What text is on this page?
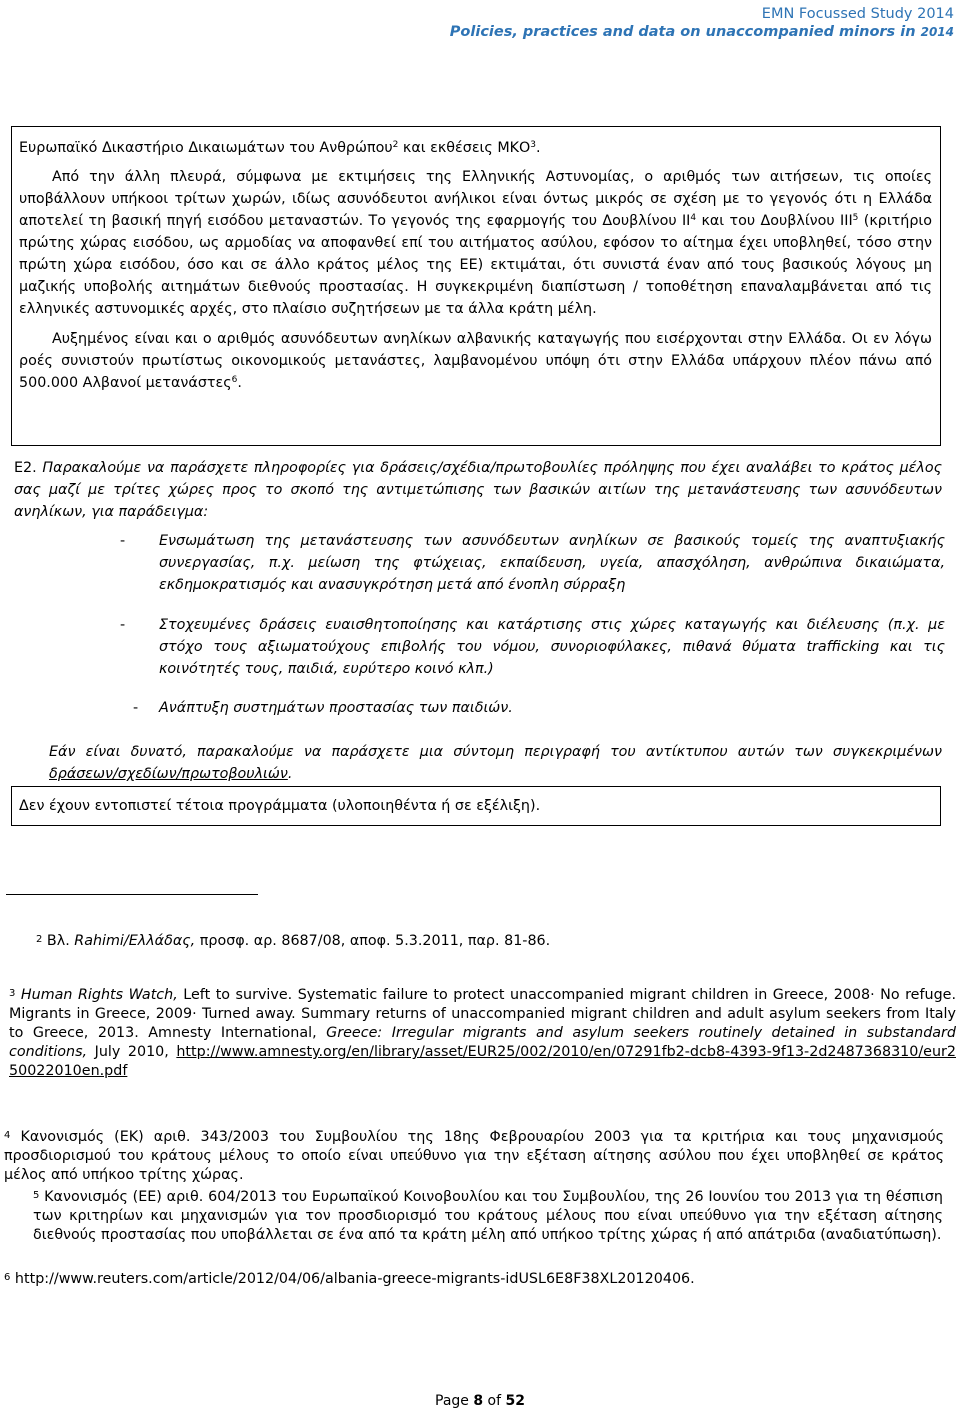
EMN Focussed Study 2014
Policies, practices and data on unaccompanied minors in 2014

Ευρωπαϊκό Δικαστήριο Δικαιωμάτων του Ανθρώπου$^2$ και εκθέσεις ΜΚΟ$^3$.

Από την άλλη πλευρά, σύμφωνα με εκτιμήσεις της Ελληνικής Αστυνομίας, ο αριθμός των αιτήσεων, τις οποίες υποβάλλουν υπήκοοι τρίτων χωρών, ιδίως ασυνόδευτοι ανήλικοι είναι όντως μικρός σε σχέση με το γεγονός ότι η Ελλάδα αποτελεί τη βασική πηγή εισόδου μεταναστών. Το γεγονός της εφαρμογής του Δουβλίνου $II^4$ και του Δουβλίνου ΙΙΙ$^5$ (κριτήριο πρώτης χώρας εισόδου, ως αρμοδίας να αποφανθεί επί του αιτήματος ασύλου, εφόσον το αίτημα έχει υποβληθεί, τόσο στην πρώτη χώρα εισόδου, όσο και σε άλλο κράτος μέλος της ΕΕ) εκτιμάται, ότι συνιστά έναν από τους βασικούς λόγους μη μαζικής υποβολής αιτημάτων διεθνούς προστασίας. Η συγκεκριμένη διαπίστωση / τοποθέτηση επαναλαμβάνεται από τις ελληνικές αστυνομικές αρχές, στο πλαίσιο συζητήσεων με τα άλλα κράτη μέλη.

Αυξημένος είναι και ο αριθμός ασυνόδευτων ανηλίκων αλβανικής καταγωγής που εισέρχονται στην Ελλάδα. Οι εν λόγω ροές συνιστούν πρωτίστως οικονομικούς μετανάστες, λαμβανομένου υπόψη ότι στην Ελλάδα υπάρχουν πλέον πάνω από 500.000 Αλβανοί μετανάστες$^6$.

Ε2. Παρακαλούμε να παράσχετε πληροφορίες για δράσεις/σχέδια/πρωτοβουλίες πρόληψης που έχει αναλάβει το κράτος μέλος σας μαζί με τρίτες χώρες προς το σκοπό της αντιμετώπισης των βασικών αιτίων της μετανάστευσης των ασυνόδευτων ανηλίκων, για παράδειγμα:
- Ενσωμάτωση της μετανάστευσης των ασυνόδευτων ανηλίκων σε βασικούς τομείς της αναπτυξιακής συνεργασίας, π.χ. μείωση της φτώχειας, εκπαίδευση, υγεία, απασχόληση, ανθρώπινα δικαιώματα, εκδημοκρατισμός και ανασυγκρότηση μετά από ένοπλη σύρραξη
- Στοχευμένες δράσεις ευαισθητοποίησης και κατάρτισης στις χώρες καταγωγής και διέλευσης (π.χ. με στόχο τους αξιωματούχους επιβολής του νόμου, συνοριοφύλακες, πιθανά θύματα trafficking και τις κοινότητές τους, παιδιά, ευρύτερο κοινό κλπ.)
- Ανάπτυξη συστημάτων προστασίας των παιδιών.
Εάν είναι δυνατό, παρακαλούμε να παράσχετε μια σύντομη περιγραφή του αντίκτυπου αυτών των συγκεκριμένων δράσεων/σχεδίων/πρωτοβουλιών.

Δεν έχουν εντοπιστεί τέτοια προγράμματα (υλοποιηθέντα ή σε εξέλιξη).

$^2$ Βλ. Rahimi/Ελλάδας, προσφ. αρ. 8687/08, αποφ. 5.3.2011, παρ. 81-86.
$^3$ Human Rights Watch, Left to survive. Systematic failure to protect unaccompanied migrant children in Greece, 2008· No refuge. Migrants in Greece, 2009· Turned away. Summary returns of unaccompanied migrant children and adult asylum seekers from Italy to Greece, 2013. Amnesty International, Greece: Irregular migrants and asylum seekers routinely detained in substandard conditions, July 2010, http://www.amnesty.org/en/library/asset/EUR25/002/2010/en/07291fb2-dcb8-4393-9f13-2d2487368310/eur250022010en.pdf
$^4$ Κανονισμός (ΕΚ) αριθ. 343/2003 του Συμβουλίου της 18ης Φεβρουαρίου 2003 για τα κριτήρια και τους μηχανισμούς προσδιορισμού του κράτους μέλους το οποίο είναι υπεύθυνο για την εξέταση αίτησης ασύλου που έχει υποβληθεί σε κράτος μέλος από υπήκοο τρίτης χώρας.
$^5$ Κανονισμός (ΕΕ) αριθ. 604/2013 του Ευρωπαϊκού Κοινοβουλίου και του Συμβουλίου, της 26 Ιουνίου του 2013 για τη θέσπιση των κριτηρίων και μηχανισμών για τον προσδιορισμό του κράτους μέλους που είναι υπεύθυνο για την εξέταση αίτησης διεθνούς προστασίας που υποβάλλεται σε ένα από τα κράτη μέλη από υπήκοο τρίτης χώρας ή από απάτριδα (αναδιατύπωση).
$^6$ http://www.reuters.com/article/2012/04/06/albania-greece-migrants-idUSL6E8F38XL20120406.
Page 8 of 52
